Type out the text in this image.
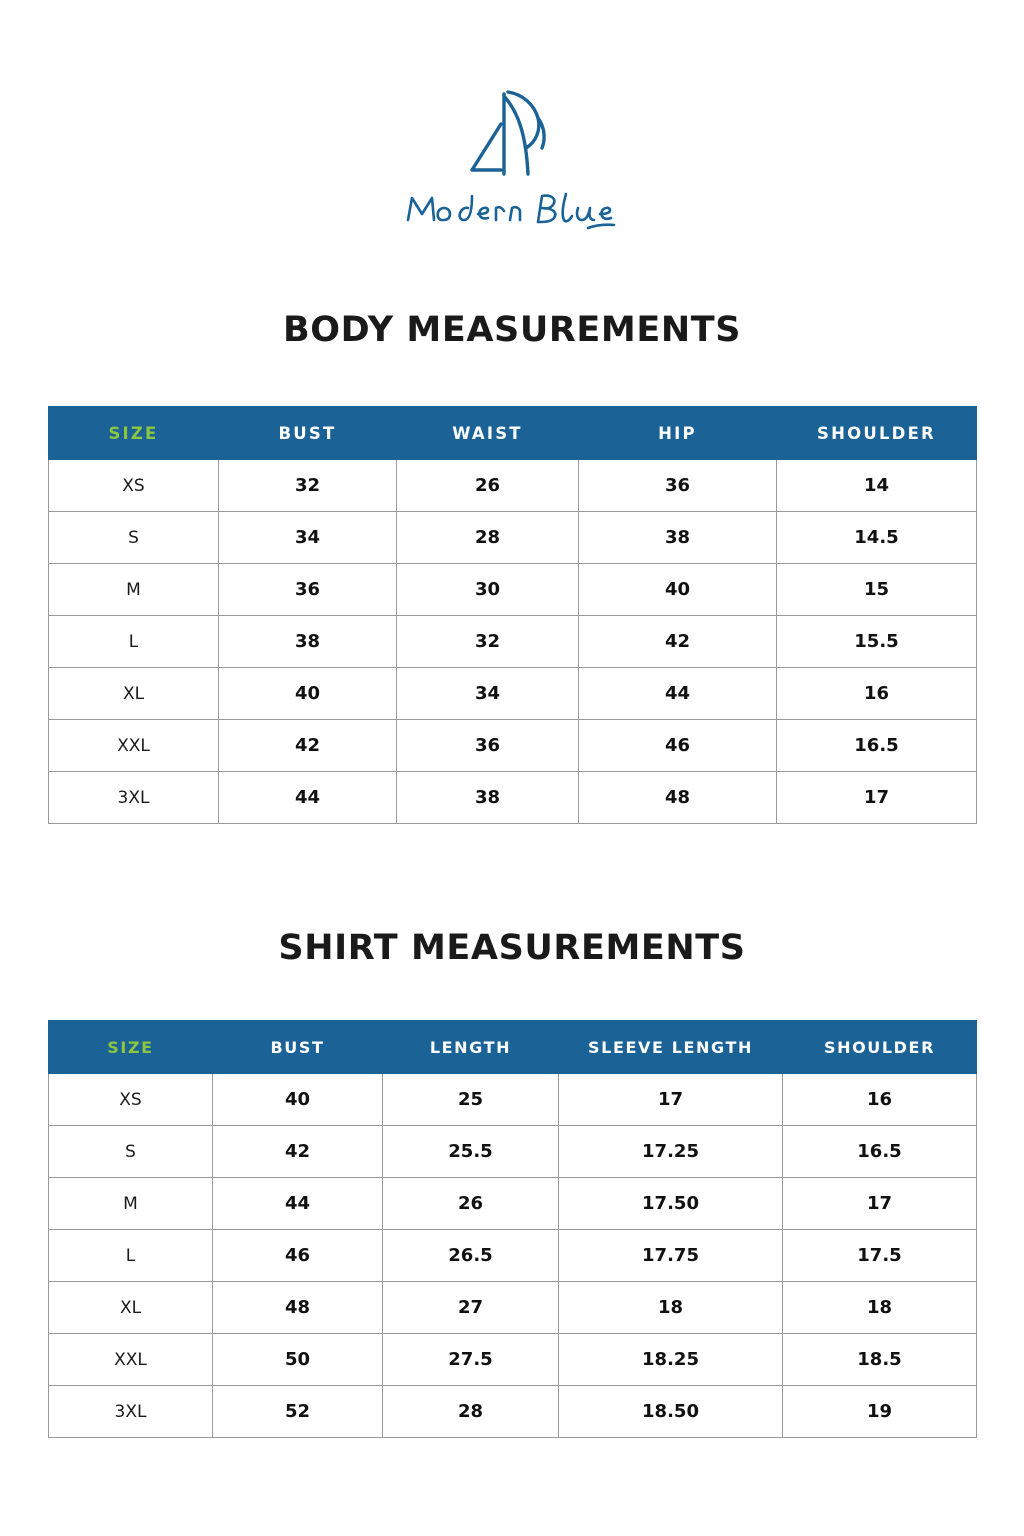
BODY MEASUREMENTS
SIZE	BUST	WAIST	HIP	SHOULDER
XS	32	26	36	14
S	34	28	38	14.5
M	36	30	40	15
L	38	32	42	15.5
XL	40	34	44	16
XXL	42	36	46	16.5
3XL	44	38	48	17
SHIRT MEASUREMENTS
SIZE	BUST	LENGTH	SLEEVE LENGTH	SHOULDER
XS	40	25	17	16
S	42	25.5	17.25	16.5
M	44	26	17.50	17
L	46	26.5	17.75	17.5
XL	48	27	18	18
XXL	50	27.5	18.25	18.5
3XL	52	28	18.50	19
